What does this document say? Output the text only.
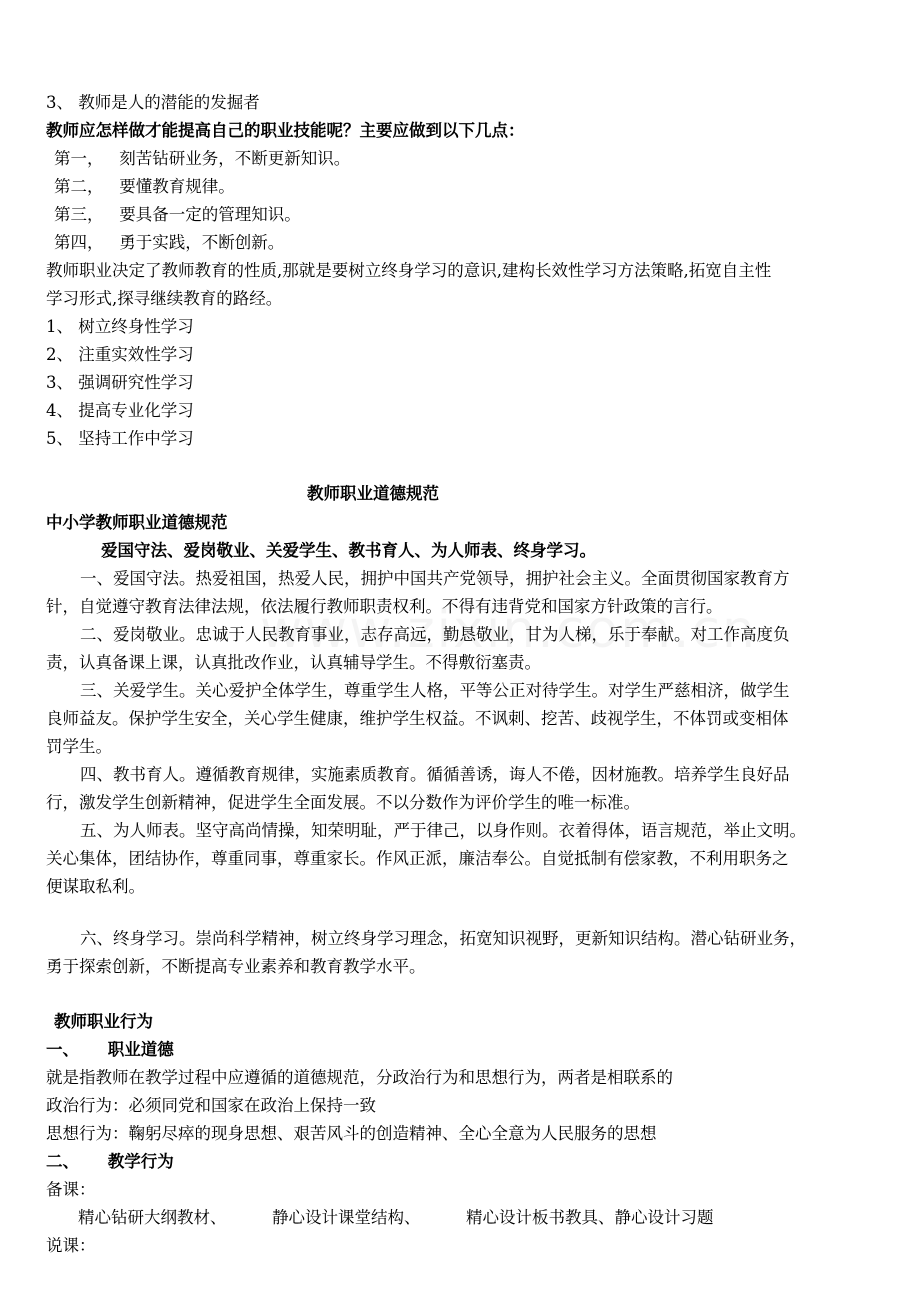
3、 教师是人的潜能的发掘者
教师应怎样做才能提高自己的职业技能呢？主要应做到以下几点：
第一，   刻苦钻研业务，不断更新知识。
第二，   要懂教育规律。
第三，   要具备一定的管理知识。
第四，   勇于实践，不断创新。
教师职业决定了教师教育的性质,那就是要树立终身学习的意识,建构长效性学习方法策略,拓宽自主性
学习形式,探寻继续教育的路经。
1、 树立终身性学习
2、 注重实效性学习
3、 强调研究性学习
4、 提高专业化学习
5、 坚持工作中学习
教师职业道德规范
中小学教师职业道德规范
爱国守法、爱岗敬业、关爱学生、教书育人、为人师表、终身学习。
一、爱国守法。热爱祖国，热爱人民，拥护中国共产党领导，拥护社会主义。全面贯彻国家教育方
针，自觉遵守教育法律法规，依法履行教师职责权利。不得有违背党和国家方针政策的言行。
二、爱岗敬业。忠诚于人民教育事业，志存高远，勤恳敬业，甘为人梯，乐于奉献。对工作高度负
责，认真备课上课，认真批改作业，认真辅导学生。不得敷衍塞责。
三、关爱学生。关心爱护全体学生，尊重学生人格，平等公正对待学生。对学生严慈相济，做学生
良师益友。保护学生安全，关心学生健康，维护学生权益。不讽刺、挖苦、歧视学生，不体罚或变相体
罚学生。
四、教书育人。遵循教育规律，实施素质教育。循循善诱，诲人不倦，因材施教。培养学生良好品
行，激发学生创新精神，促进学生全面发展。不以分数作为评价学生的唯一标准。
五、为人师表。坚守高尚情操，知荣明耻，严于律己，以身作则。衣着得体，语言规范，举止文明。
关心集体，团结协作，尊重同事，尊重家长。作风正派，廉洁奉公。自觉抵制有偿家教，不利用职务之
便谋取私利。
六、终身学习。崇尚科学精神，树立终身学习理念，拓宽知识视野，更新知识结构。潜心钻研业务，
勇于探索创新，不断提高专业素养和教育教学水平。
教师职业行为
一、     职业道德
就是指教师在教学过程中应遵循的道德规范，分政治行为和思想行为，两者是相联系的
政治行为：必须同党和国家在政治上保持一致
思想行为：鞠躬尽瘁的现身思想、艰苦风斗的创造精神、全心全意为人民服务的思想
二、     教学行为
备课：
精心钻研大纲教材、	静心设计课堂结构、	精心设计板书教具、静心设计习题
说课：
